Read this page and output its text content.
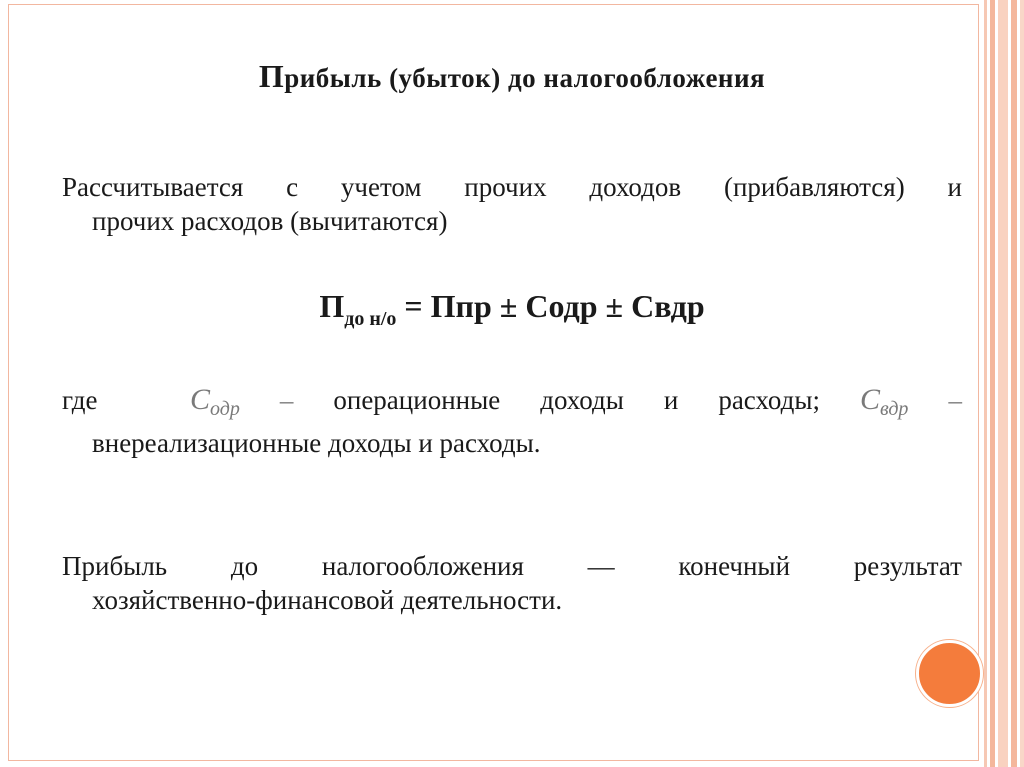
Прибыль (убыток) до налогообложения
Рассчитывается с учетом прочих доходов (прибавляются) и
прочих расходов (вычитаются)
$П_{до н/о}$ = Ппр ± Содр ± Свдр
где	$С_{одр}$ – операционные доходы и расходы; $С_{вдр}$ –
внереализационные доходы и расходы.
Прибыль до налогообложения — конечный результат
хозяйственно-финансовой деятельности.
